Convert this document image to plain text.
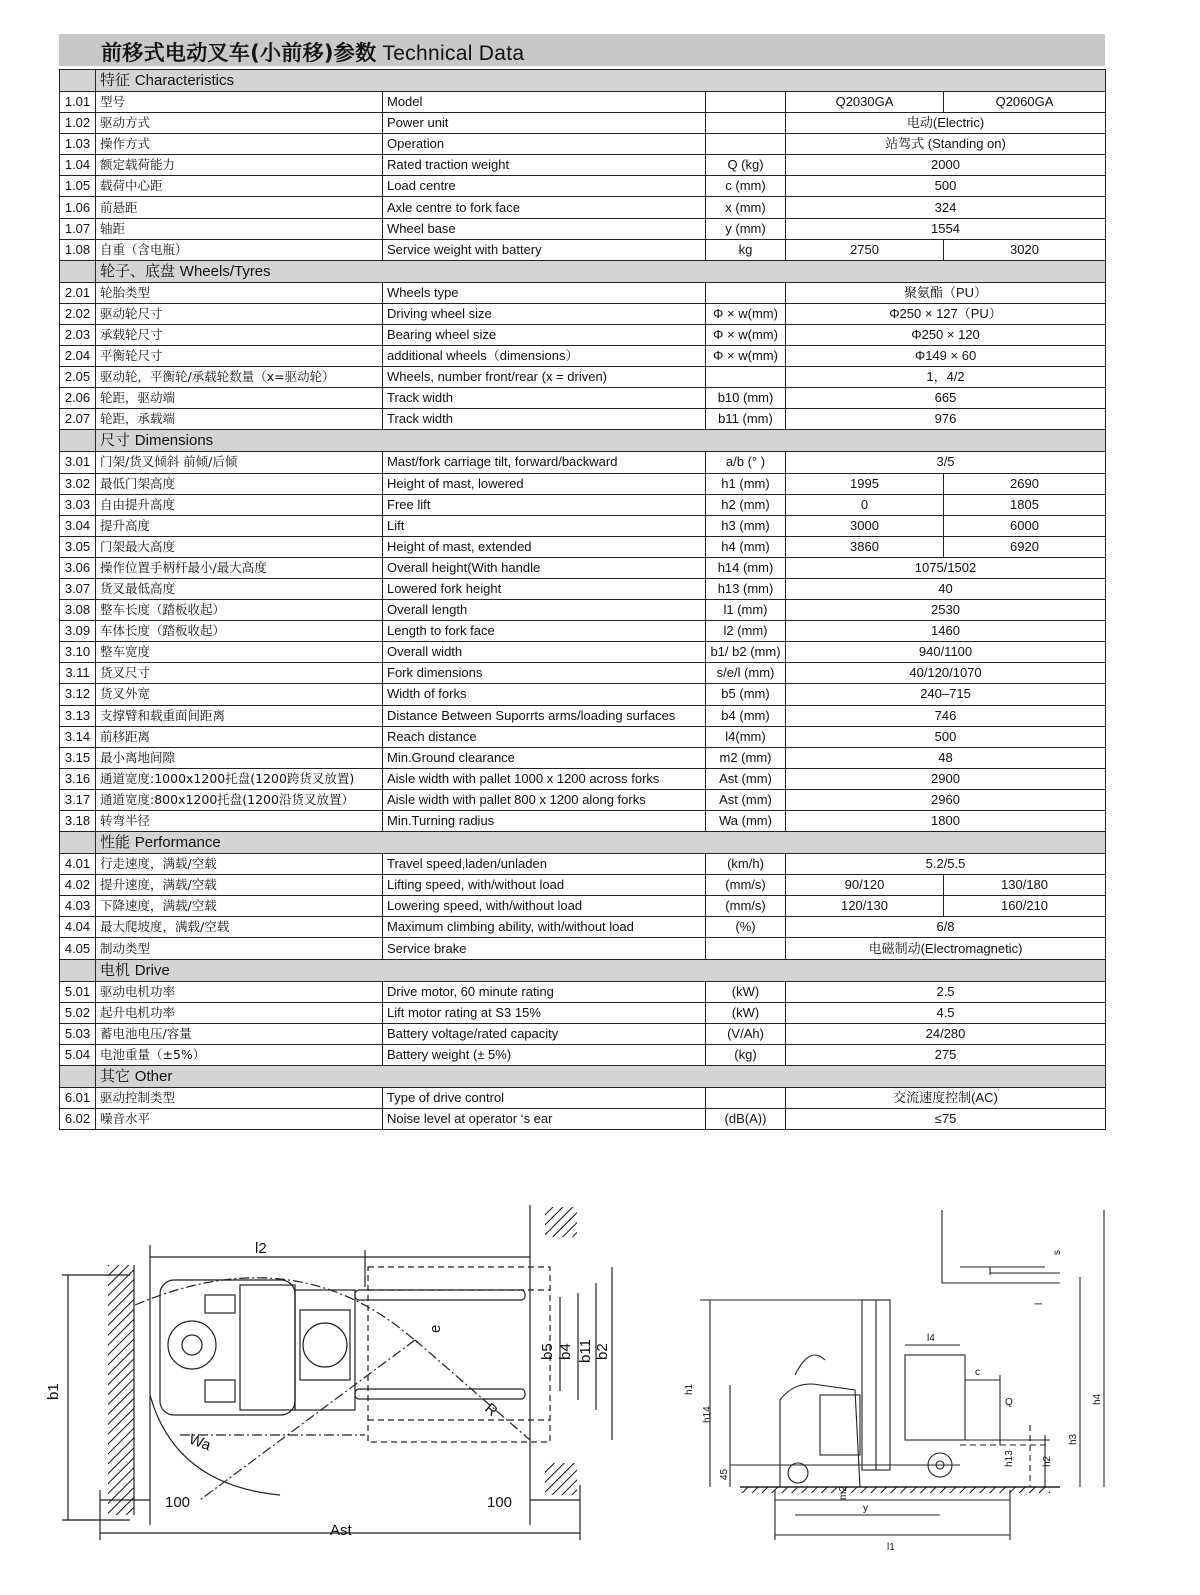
前移式电动叉车(小前移)参数 Technical Data
	特征 Characteristics				
1.01	型号	Model		Q2030GA	Q2060GA
1.02	驱动方式	Power unit		电动(Electric)	
1.03	操作方式	Operation		站驾式 (Standing on)	
1.04	额定载荷能力	Rated traction weight	Q (kg)	2000	
1.05	载荷中心距	Load centre	c (mm)	500	
1.06	前悬距	Axle centre to fork face	x (mm)	324	
1.07	轴距	Wheel base	y (mm)	1554	
1.08	自重（含电瓶）	Service weight with battery	kg	2750	3020
	轮子、底盘 Wheels/Tyres				
2.01	轮胎类型	Wheels type		聚氨酯（PU）	
2.02	驱动轮尺寸	Driving wheel size	Φ × w(mm)	Φ250 × 127（PU）	
2.03	承载轮尺寸	Bearing wheel size	Φ × w(mm)	Φ250 × 120	
2.04	平衡轮尺寸	additional wheels（dimensions）	Φ × w(mm)	Φ149 × 60	
2.05	驱动轮，平衡轮/承载轮数量（x=驱动轮）	Wheels, number front/rear (x = driven)		1，4/2	
2.06	轮距，驱动端	Track width	b10 (mm)	665	
2.07	轮距，承载端	Track width	b11 (mm)	976	
	尺寸 Dimensions				
3.01	门架/货叉倾斜 前倾/后倾	Mast/fork carriage tilt, forward/backward	a/b (° )	3/5	
3.02	最低门架高度	Height of mast, lowered	h1 (mm)	1995	2690
3.03	自由提升高度	Free lift	h2 (mm)	0	1805
3.04	提升高度	Lift	h3 (mm)	3000	6000
3.05	门架最大高度	Height of mast, extended	h4 (mm)	3860	6920
3.06	操作位置手柄杆最小/最大高度	Overall height(With handle	h14 (mm)	1075/1502	
3.07	货叉最低高度	Lowered fork height	h13 (mm)	40	
3.08	整车长度（踏板收起）	Overall length	l1 (mm)	2530	
3.09	车体长度（踏板收起）	Length to fork face	l2 (mm)	1460	
3.10	整车宽度	Overall width	b1/ b2 (mm)	940/1100	
3.11	货叉尺寸	Fork dimensions	s/e/l (mm)	40/120/1070	
3.12	货叉外宽	Width of forks	b5 (mm)	240–715	
3.13	支撑臂和载重面间距离	Distance Between Suporrts arms/loading surfaces	b4 (mm)	746	
3.14	前移距离	Reach distance	l4(mm)	500	
3.15	最小离地间隙	Min.Ground clearance	m2 (mm)	48	
3.16	通道宽度:1000x1200托盘(1200跨货叉放置)	Aisle width with pallet 1000 x 1200 across forks	Ast (mm)	2900	
3.17	通道宽度:800x1200托盘(1200沿货叉放置）	Aisle width with pallet 800 x 1200 along forks	Ast (mm)	2960	
3.18	转弯半径	Min.Turning radius	Wa (mm)	1800	
	性能 Performance				
4.01	行走速度，满载/空载	Travel speed,laden/unladen	(km/h)	5.2/5.5	
4.02	提升速度，满载/空载	Lifting speed, with/without load	(mm/s)	90/120	130/180
4.03	下降速度，满载/空载	Lowering speed, with/without load	(mm/s)	120/130	160/210
4.04	最大爬坡度，满载/空载	Maximum climbing ability, with/without load	(%)	6/8	
4.05	制动类型	Service brake		电磁制动(Electromagnetic)	
	电机 Drive				
5.01	驱动电机功率	Drive motor, 60 minute rating	(kW)	2.5	
5.02	起升电机功率	Lift motor rating at S3 15%	(kW)	4.5	
5.03	蓄电池电压/容量	Battery voltage/rated capacity	(V/Ah)	24/280	
5.04	电池重量（±5%）	Battery weight (± 5%)	(kg)	275	
	其它 Other				
6.01	驱动控制类型	Type of drive control		交流速度控制(AC)	
6.02	噪音水平	Noise level at operator ‘s ear	(dB(A))	≤75	
l2
b1
e
b5 b4 b11 b2
Wa
R
100	100
Ast
s
l
h4
h3
h1
h14
l4
c
Q
h13	h2
45
m2
y
l1
